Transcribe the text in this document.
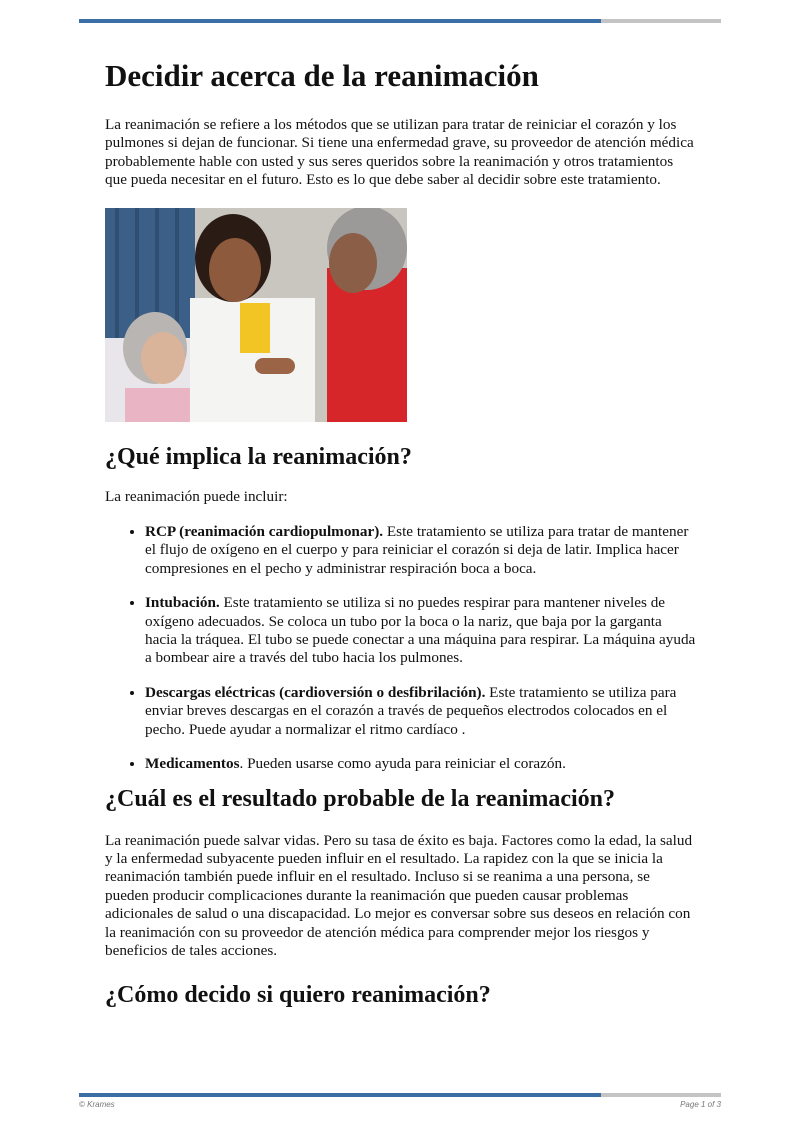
Decidir acerca de la reanimación

La reanimación se refiere a los métodos que se utilizan para tratar de reiniciar el corazón y los pulmones si dejan de funcionar. Si tiene una enfermedad grave, su proveedor de atención médica probablemente hable con usted y sus seres queridos sobre la reanimación y otros tratamientos que pueda necesitar en el futuro. Esto es lo que debe saber al decidir sobre este tratamiento.

¿Qué implica la reanimación?

La reanimación puede incluir:

• RCP (reanimación cardiopulmonar). Este tratamiento se utiliza para tratar de mantener el flujo de oxígeno en el cuerpo y para reiniciar el corazón si deja de latir. Implica hacer compresiones en el pecho y administrar respiración boca a boca.
• Intubación. Este tratamiento se utiliza si no puedes respirar para mantener niveles de oxígeno adecuados. Se coloca un tubo por la boca o la nariz, que baja por la garganta hacia la tráquea. El tubo se puede conectar a una máquina para respirar. La máquina ayuda a bombear aire a través del tubo hacia los pulmones.
• Descargas eléctricas (cardioversión o desfibrilación). Este tratamiento se utiliza para enviar breves descargas en el corazón a través de pequeños electrodos colocados en el pecho. Puede ayudar a normalizar el ritmo cardíaco .
• Medicamentos. Pueden usarse como ayuda para reiniciar el corazón.
¿Cuál es el resultado probable de la reanimación?

La reanimación puede salvar vidas. Pero su tasa de éxito es baja. Factores como la edad, la salud y la enfermedad subyacente pueden influir en el resultado. La rapidez con la que se inicia la reanimación también puede influir en el resultado. Incluso si se reanima a una persona, se pueden producir complicaciones durante la reanimación que pueden causar problemas adicionales de salud o una discapacidad. Lo mejor es conversar sobre sus deseos en relación con la reanimación con su proveedor de atención médica para comprender mejor los riesgos y beneficios de tales acciones.

¿Cómo decido si quiero reanimación?
© Krames	Page 1 of 3
